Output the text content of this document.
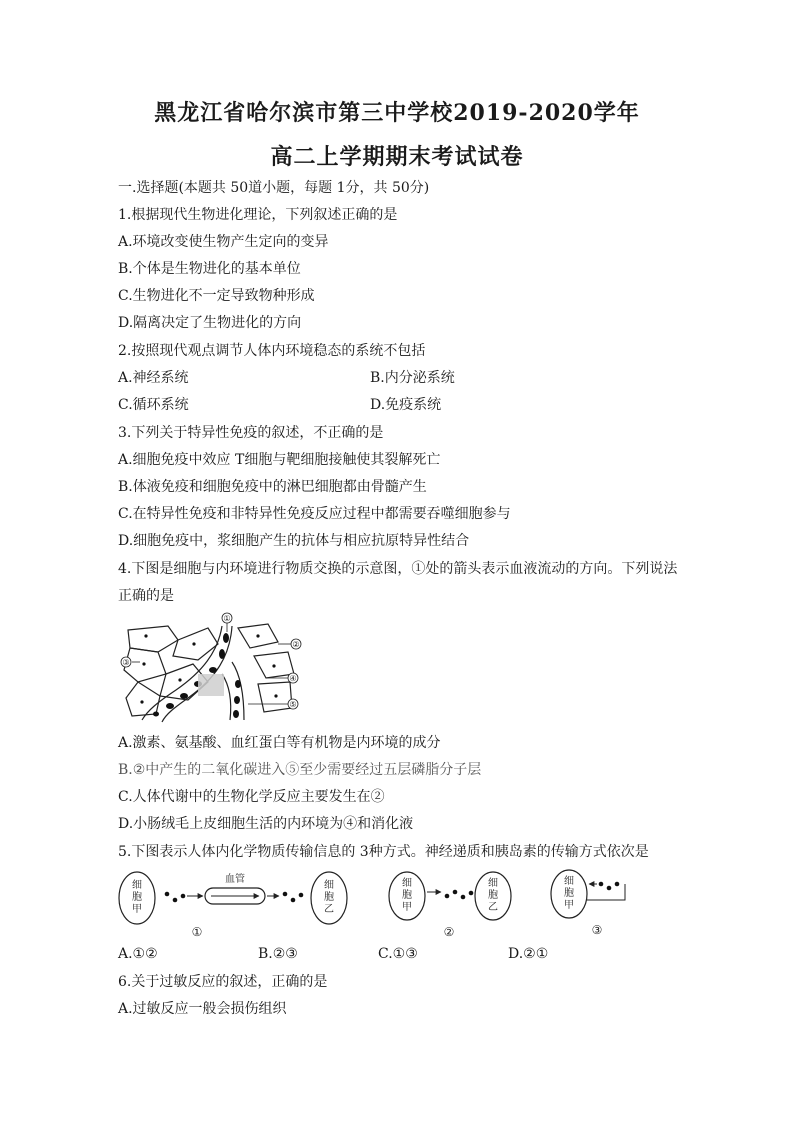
黑龙江省哈尔滨市第三中学校2019-2020学年
高二上学期期末考试试卷
一.选择题(本题共 50道小题，每题 1分，共 50分)
1.根据现代生物进化理论，下列叙述正确的是
A.环境改变使生物产生定向的变异
B.个体是生物进化的基本单位
C.生物进化不一定导致物种形成
D.隔离决定了生物进化的方向
2.按照现代观点调节人体内环境稳态的系统不包括
A.神经系统	B.内分泌系统
C.循环系统	D.免疫系统
3.下列关于特异性免疫的叙述，不正确的是
A.细胞免疫中效应 T细胞与靶细胞接触使其裂解死亡
B.体液免疫和细胞免疫中的淋巴细胞都由骨髓产生
C.在特异性免疫和非特异性免疫反应过程中都需要吞噬细胞参与
D.细胞免疫中，浆细胞产生的抗体与相应抗原特异性结合
4.下图是细胞与内环境进行物质交换的示意图，①处的箭头表示血液流动的方向。下列说法
正确的是
①
②
③
④
⑤
A.激素、氨基酸、血红蛋白等有机物是内环境的成分
B.②中产生的二氧化碳进入⑤至少需要经过五层磷脂分子层
C.人体代谢中的生物化学反应主要发生在②
D.小肠绒毛上皮细胞生活的内环境为④和消化液
5.下图表示人体内化学物质传输信息的 3种方式。神经递质和胰岛素的传输方式依次是
细
胞
甲
血管
细
胞
乙
①
细
胞
甲
细
胞
乙
②
细
胞
甲
③
A.①②	B.②③	C.①③	D.②①
6.关于过敏反应的叙述，正确的是
A.过敏反应一般会损伤组织
